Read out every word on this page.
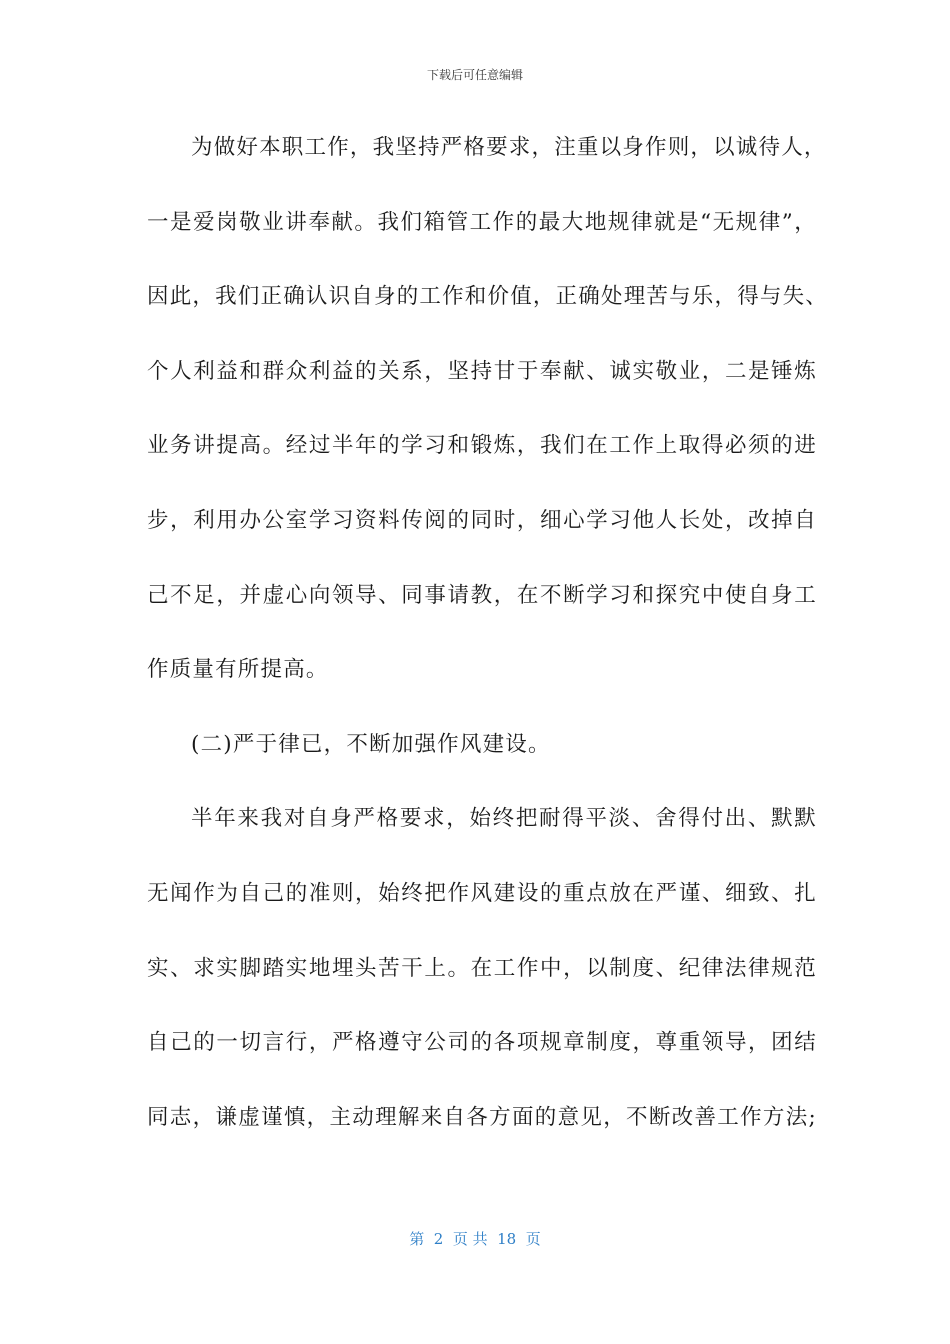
下载后可任意编辑
为做好本职工作，我坚持严格要求，注重以身作则，以诚待人，
一是爱岗敬业讲奉献。我们箱管工作的最大地规律就是“无规律”，
因此，我们正确认识自身的工作和价值，正确处理苦与乐，得与失、
个人利益和群众利益的关系，坚持甘于奉献、诚实敬业，二是锤炼
业务讲提高。经过半年的学习和锻炼，我们在工作上取得必须的进
步，利用办公室学习资料传阅的同时，细心学习他人长处，改掉自
己不足，并虚心向领导、同事请教，在不断学习和探究中使自身工
作质量有所提高。
(二)严于律已，不断加强作风建设。
半年来我对自身严格要求，始终把耐得平淡、舍得付出、默默
无闻作为自己的准则，始终把作风建设的重点放在严谨、细致、扎
实、求实脚踏实地埋头苦干上。在工作中，以制度、纪律法律规范
自己的一切言行，严格遵守公司的各项规章制度，尊重领导，团结
同志，谦虚谨慎，主动理解来自各方面的意见，不断改善工作方法;
第  2  页 共  18  页
